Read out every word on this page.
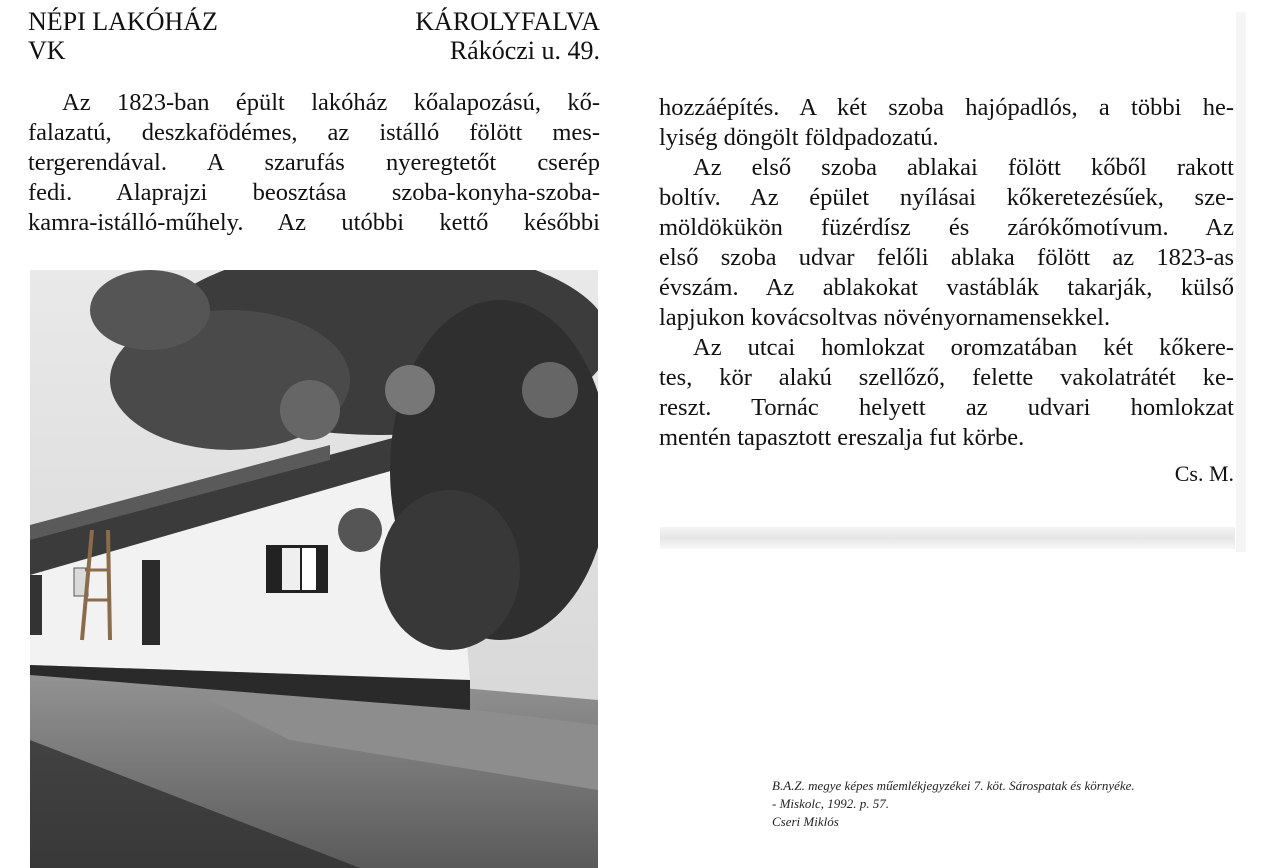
NÉPI LAKÓHÁZ	KÁROLYFALVA
VK	Rákóczi u. 49.
Az 1823-ban épült lakóház kőalapozású, kő-
falazatú, deszkafödémes, az istálló fölött mes-
tergerendával. A szarufás nyeregtetőt cserép
fedi. Alaprajzi beosztása szoba-konyha-szoba-
kamra-istálló-műhely. Az utóbbi kettő későbbi
hozzáépítés. A két szoba hajópadlós, a többi he-
lyiség döngölt földpadozatú.
Az első szoba ablakai fölött kőből rakott
boltív. Az épület nyílásai kőkeretezésűek, sze-
möldökükön füzérdísz és zárókőmotívum. Az
első szoba udvar felőli ablaka fölött az 1823-as
évszám. Az ablakokat vastáblák takarják, külső
lapjukon kovácsoltvas növényornamensekkel.
Az utcai homlokzat oromzatában két kőkere-
tes, kör alakú szellőző, felette vakolatrátét ke-
reszt. Tornác helyett az udvari homlokzat
mentén tapasztott ereszalja fut körbe.
Cs. M.
B.A.Z. megye képes műemlékjegyzékei 7. köt. Sárospatak és környéke.
- Miskolc, 1992. p. 57.
Cseri Miklós
